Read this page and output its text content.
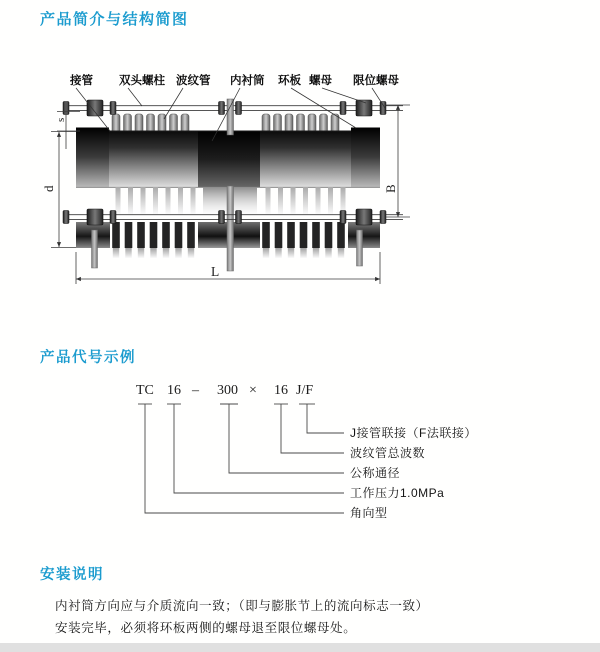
产品简介与结构简图
s
d	B
L
接管 双头螺柱 波纹管 内衬筒 环板 螺母 限位螺母
产品代号示例
TC 16 – 300 × 16 J/F
J接管联接（F法联接）
波纹管总波数
公称通径
工作压力1.0MPa
角向型
安装说明
内衬筒方向应与介质流向一致；（即与膨胀节上的流向标志一致）
安装完毕，必须将环板两侧的螺母退至限位螺母处。
